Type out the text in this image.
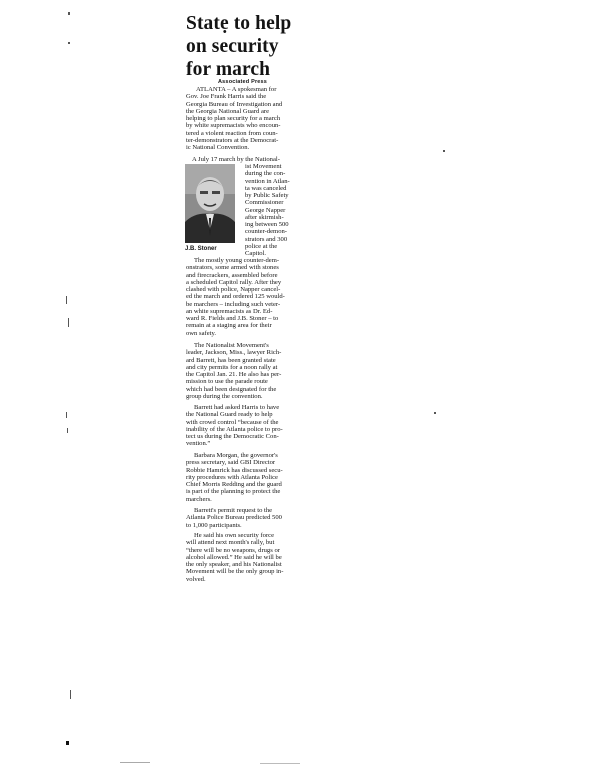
Statẹ to help
on security
for march
Associated Press
ATLANTA – A spokesman for
Gov. Joe Frank Harris said the
Georgia Bureau of Investigation and
the Georgia National Guard are
helping to plan security for a march
by white supremacists who encoun-
tered a violent reaction from coun-
ter-demonstrators at the Democrat-
ic National Convention.
A July 17 march by the National-
ist Movement
during the con-
vention in Atlan-
ta was canceled
by Public Safety
Commissioner
George Napper
after skirmish-
ing between 500
counter-demon-
strators and 300
police at the
Capitol.
J.B. Stoner
The mostly young counter-dem-
onstrators, some armed with stones
and firecrackers, assembled before
a scheduled Capitol rally. After they
clashed with police, Napper cancel-
ed the march and ordered 125 would-
be marchers – including such veter-
an white supremacists as Dr. Ed-
ward R. Fields and J.B. Stoner – to
remain at a staging area for their
own safety.
The Nationalist Movement's
leader, Jackson, Miss., lawyer Rich-
ard Barrett, has been granted state
and city permits for a noon rally at
the Capitol Jan. 21. He also has per-
mission to use the parade route
which had been designated for the
group during the convention.
Barrett had asked Harris to have
the National Guard ready to help
with crowd control “because of the
inability of the Atlanta police to pro-
tect us during the Democratic Con-
vention.”
Barbara Morgan, the governor's
press secretary, said GBI Director
Robbie Hamrick has discussed secu-
rity procedures with Atlanta Police
Chief Morris Redding and the guard
is part of the planning to protect the
marchers.
Barrett's permit request to the
Atlanta Police Bureau predicted 500
to 1,000 participants.
He said his own security force
will attend next month's rally, but
“there will be no weapons, drugs or
alcohol allowed.” He said he will be
the only speaker, and his Nationalist
Movement will be the only group in-
volved.
